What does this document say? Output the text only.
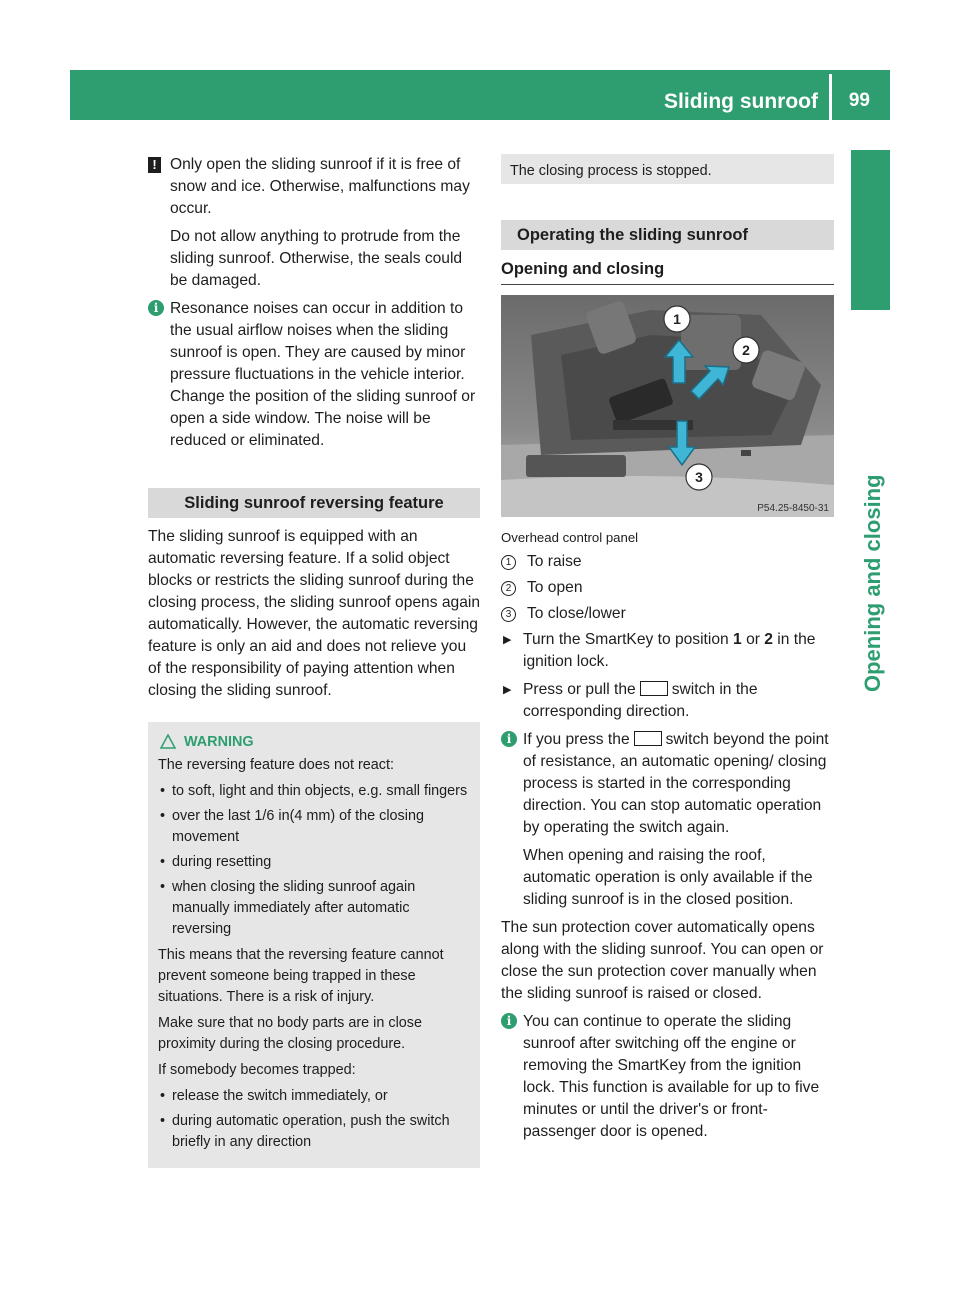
Sliding sunroof 99
Opening and closing
! Only open the sliding sunroof if it is free of snow and ice. Otherwise, malfunctions may occur.

Do not allow anything to protrude from the sliding sunroof. Otherwise, the seals could be damaged.

i Resonance noises can occur in addition to the usual airflow noises when the sliding sunroof is open. They are caused by minor pressure fluctuations in the vehicle interior. Change the position of the sliding sunroof or open a side window. The noise will be reduced or eliminated.

Sliding sunroof reversing feature

The sliding sunroof is equipped with an automatic reversing feature. If a solid object blocks or restricts the sliding sunroof during the closing process, the sliding sunroof opens again automatically. However, the automatic reversing feature is only an aid and does not relieve you of the responsibility of paying attention when closing the sliding sunroof.

WARNING

The reversing feature does not react:

• to soft, light and thin objects, e.g. small fingers
• over the last 1/6 in(4 mm) of the closing movement
• during resetting
• when closing the sliding sunroof again manually immediately after automatic reversing

This means that the reversing feature cannot prevent someone being trapped in these situations. There is a risk of injury.

Make sure that no body parts are in close proximity during the closing procedure.

If somebody becomes trapped:

• release the switch immediately, or
• during automatic operation, push the switch briefly in any direction
The closing process is stopped.
Operating the sliding sunroof
Opening and closing
1
2
3
P54.25-8450-31
Overhead control panel
1	To raise
2	To open
3	To close/lower
▶ Turn the SmartKey to position 1 or 2 in the ignition lock.
▶ Press or pull the switch in the corresponding direction.
i If you press the switch beyond the point of resistance, an automatic opening/ closing process is started in the corresponding direction. You can stop automatic operation by operating the switch again.

When opening and raising the roof, automatic operation is only available if the sliding sunroof is in the closed position.

The sun protection cover automatically opens along with the sliding sunroof. You can open or close the sun protection cover manually when the sliding sunroof is raised or closed.

i You can continue to operate the sliding sunroof after switching off the engine or removing the SmartKey from the ignition lock. This function is available for up to five minutes or until the driver's or front-passenger door is opened.
